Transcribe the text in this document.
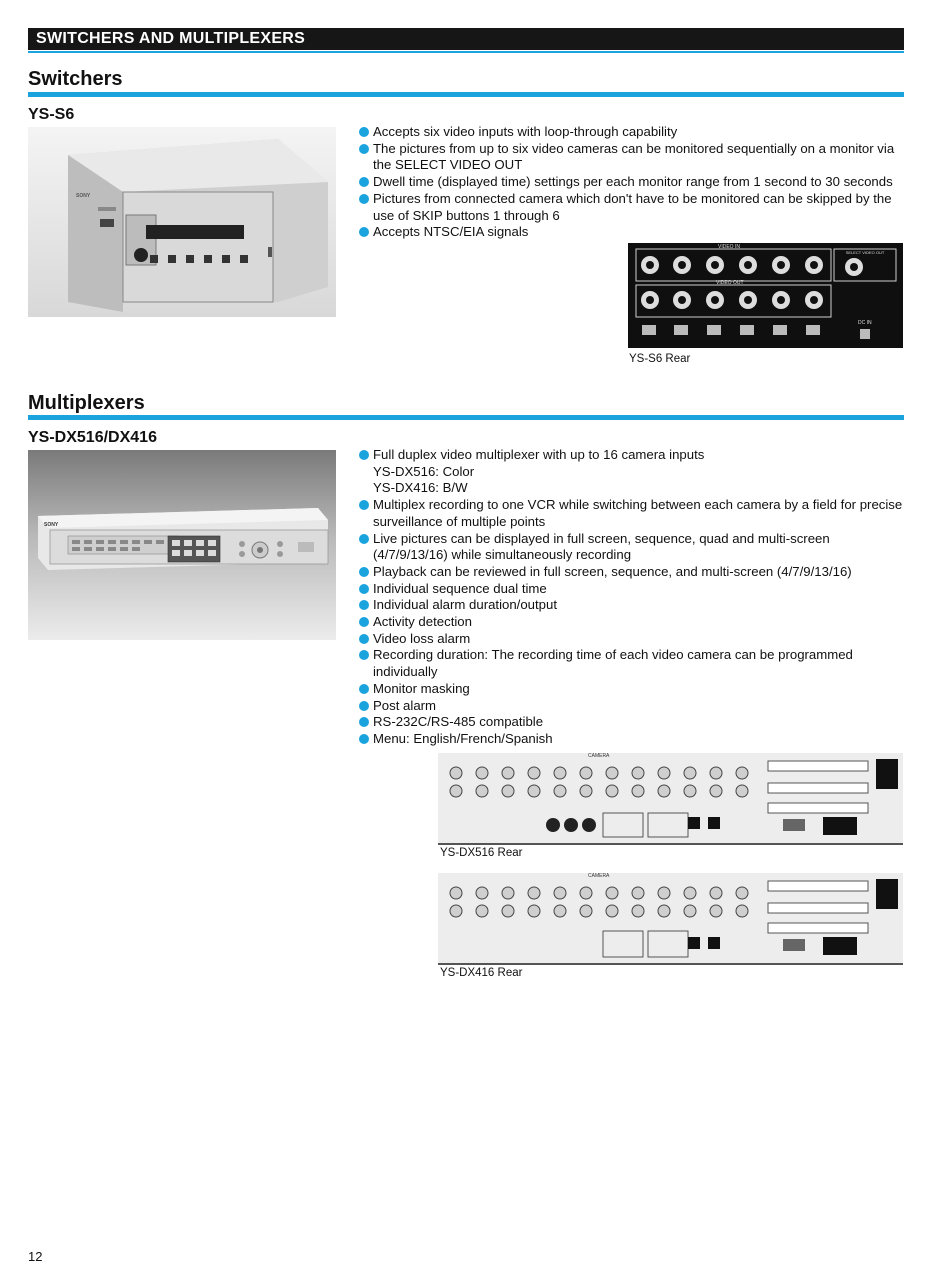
SWITCHERS AND MULTIPLEXERS
Switchers
YS-S6
SONY
Accepts six video inputs with loop-through capability
The pictures from up to six video cameras can be monitored sequentially on a monitor via the SELECT VIDEO OUT
Dwell time (displayed time) settings per each monitor range from 1 second to 30 seconds
Pictures from connected camera which don't have to be monitored can be skipped by the use of SKIP buttons 1 through 6
Accepts NTSC/EIA signals
VIDEO IN
VIDEO OUT
SELECT VIDEO OUT
DC IN
YS-S6 Rear
Multiplexers
YS-DX516/DX416
SONY
Full duplex video multiplexer with up to 16 camera inputs
YS-DX516: Color
YS-DX416: B/W
Multiplex recording to one VCR while switching between each camera by a field for precise surveillance of multiple points
Live pictures can be displayed in full screen, sequence, quad and multi-screen (4/7/9/13/16) while simultaneously recording
Playback can be reviewed in full screen, sequence, and multi-screen (4/7/9/13/16)
Individual sequence dual time
Individual alarm duration/output
Activity detection
Video loss alarm
Recording duration: The recording time of each video camera can be programmed individually
Monitor masking
Post alarm
RS-232C/RS-485 compatible
Menu: English/French/Spanish
CAMERA
YS-DX516 Rear
CAMERA
YS-DX416 Rear
12
